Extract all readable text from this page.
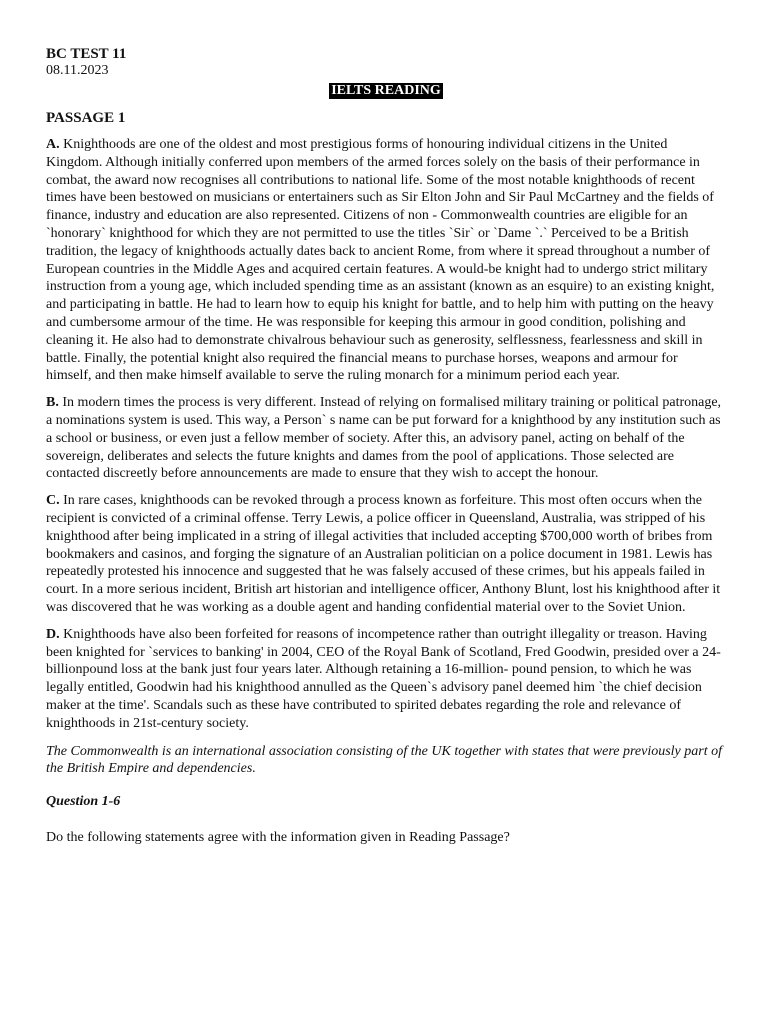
BC TEST 11

08.11.2023

IELTS READING

PASSAGE 1

A. Knighthoods are one of the oldest and most prestigious forms of honouring individual citizens in the United Kingdom. Although initially conferred upon members of the armed forces solely on the basis of their performance in combat, the award now recognises all contributions to national life. Some of the most notable knighthoods of recent times have been bestowed on musicians or entertainers such as Sir Elton John and Sir Paul McCartney and the fields of finance, industry and education are also represented. Citizens of non - Commonwealth countries are eligible for an `honorary` knighthood for which they are not permitted to use the titles `Sir` or `Dame `.` Perceived to be a British tradition, the legacy of knighthoods actually dates back to ancient Rome, from where it spread throughout a number of European countries in the Middle Ages and acquired certain features. A would-be knight had to undergo strict military instruction from a young age, which included spending time as an assistant (known as an esquire) to an existing knight, and participating in battle. He had to learn how to equip his knight for battle, and to help him with putting on the heavy and cumbersome armour of the time. He was responsible for keeping this armour in good condition, polishing and cleaning it. He also had to demonstrate chivalrous behaviour such as generosity, selflessness, fearlessness and skill in battle. Finally, the potential knight also required the financial means to purchase horses, weapons and armour for himself, and then make himself available to serve the ruling monarch for a minimum period each year.

B. In modern times the process is very different. Instead of relying on formalised military training or political patronage, a nominations system is used. This way, a Person` s name can be put forward for a knighthood by any institution such as a school or business, or even just a fellow member of society. After this, an advisory panel, acting on behalf of the sovereign, deliberates and selects the future knights and dames from the pool of applications. Those selected are contacted discreetly before announcements are made to ensure that they wish to accept the honour.

C. In rare cases, knighthoods can be revoked through a process known as forfeiture. This most often occurs when the recipient is convicted of a criminal offense. Terry Lewis, a police officer in Queensland, Australia, was stripped of his knighthood after being implicated in a string of illegal activities that included accepting $700,000 worth of bribes from bookmakers and casinos, and forging the signature of an Australian politician on a police document in 1981. Lewis has repeatedly protested his innocence and suggested that he was falsely accused of these crimes, but his appeals failed in court. In a more serious incident, British art historian and intelligence officer, Anthony Blunt, lost his knighthood after it was discovered that he was working as a double agent and handing confidential material over to the Soviet Union.

D. Knighthoods have also been forfeited for reasons of incompetence rather than outright illegality or treason. Having been knighted for `services to banking' in 2004, CEO of the Royal Bank of Scotland, Fred Goodwin, presided over a 24-billionpound loss at the bank just four years later. Although retaining a 16-million- pound pension, to which he was legally entitled, Goodwin had his knighthood annulled as the Queen`s advisory panel deemed him `the chief decision maker at the time'. Scandals such as these have contributed to spirited debates regarding the role and relevance of knighthoods in 21st-century society.

The Commonwealth is an international association consisting of the UK together with states that were previously part of the British Empire and dependencies.

Question 1-6

Do the following statements agree with the information given in Reading Passage?
